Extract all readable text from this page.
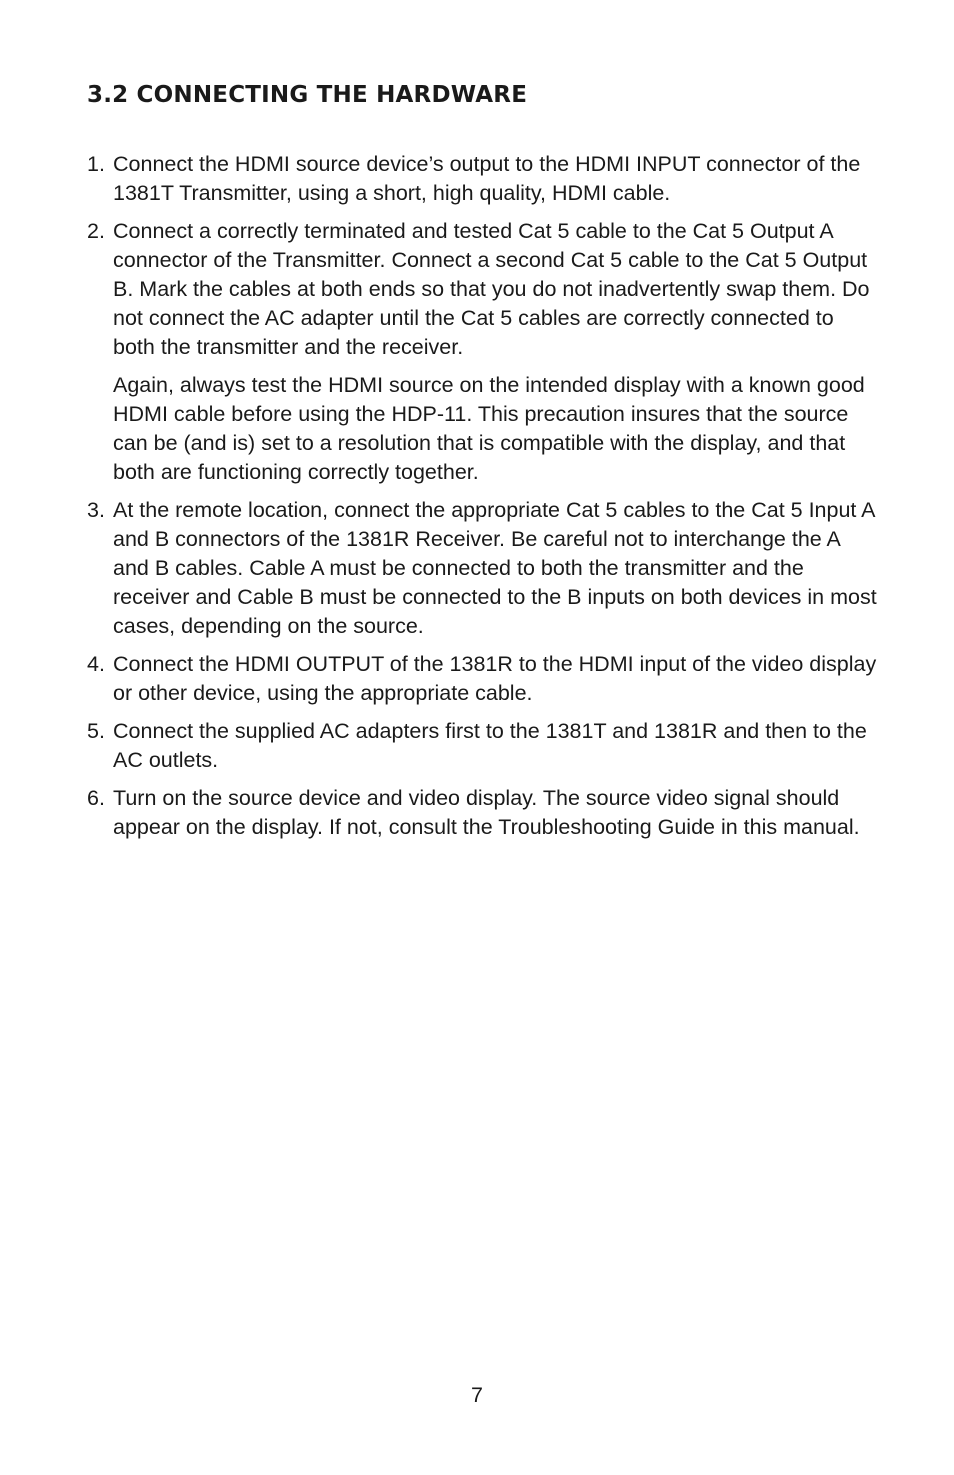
3.2 CONNECTING THE HARDWARE
1. Connect the HDMI source device’s output to the HDMI INPUT connector of the 1381T Transmitter, using a short, high quality, HDMI cable.
2. Connect a correctly terminated and tested Cat 5 cable to the Cat 5 Output A connector of the Transmitter. Connect a second Cat 5 cable to the Cat 5 Output B. Mark the cables at both ends so that you do not inadvertently swap them. Do not connect the AC adapter until the Cat 5 cables are correctly connected to both the transmitter and the receiver.
Again, always test the HDMI source on the intended display with a known good HDMI cable before using the HDP-11. This precaution insures that the source can be (and is) set to a resolution that is compatible with the display, and that both are functioning correctly together.
3. At the remote location, connect the appropriate Cat 5 cables to the Cat 5 Input A and B connectors of the 1381R Receiver. Be careful not to interchange the A and B cables. Cable A must be connected to both the transmitter and the receiver and Cable B must be connected to the B inputs on both devices in most cases, depending on the source.
4. Connect the HDMI OUTPUT of the 1381R to the HDMI input of the video display or other device, using the appropriate cable.
5. Connect the supplied AC adapters first to the 1381T and 1381R and then to the AC outlets.
6. Turn on the source device and video display. The source video signal should appear on the display. If not, consult the Troubleshooting Guide in this manual.
7
